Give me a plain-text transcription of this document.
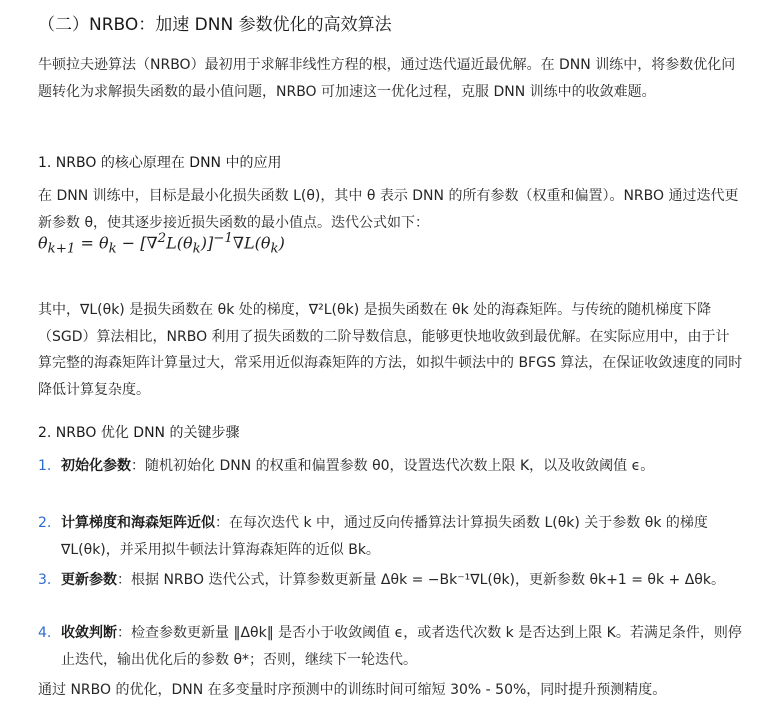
（二）NRBO：加速 DNN 参数优化的高效算法
牛顿拉夫逊算法（NRBO）最初用于求解非线性方程的根，通过迭代逼近最优解。在 DNN 训练中，将参数优化问题转化为求解损失函数的最小值问题，NRBO 可加速这一优化过程，克服 DNN 训练中的收敛难题。
1. NRBO 的核心原理在 DNN 中的应用
在 DNN 训练中，目标是最小化损失函数 L(θ)，其中 θ 表示 DNN 的所有参数（权重和偏置）。NRBO 通过迭代更新参数 θ，使其逐步接近损失函数的最小值点。迭代公式如下：
$\theta_{k+1} = \theta_k - [\nabla^2L(\theta_k)]^{-1}\nabla L(\theta_k)$
其中，∇L(θk) 是损失函数在 θk 处的梯度，∇²L(θk) 是损失函数在 θk 处的海森矩阵。与传统的随机梯度下降（SGD）算法相比，NRBO 利用了损失函数的二阶导数信息，能够更快地收敛到最优解。在实际应用中，由于计算完整的海森矩阵计算量过大，常采用近似海森矩阵的方法，如拟牛顿法中的 BFGS 算法，在保证收敛速度的同时降低计算复杂度。
2. NRBO 优化 DNN 的关键步骤
1. 初始化参数：随机初始化 DNN 的权重和偏置参数 θ0，设置迭代次数上限 K，以及收敛阈值 ϵ。
2. 计算梯度和海森矩阵近似：在每次迭代 k 中，通过反向传播算法计算损失函数 L(θk) 关于参数 θk 的梯度 ∇L(θk)，并采用拟牛顿法计算海森矩阵的近似 Bk。
3. 更新参数：根据 NRBO 迭代公式，计算参数更新量 Δθk = −Bk⁻¹∇L(θk)，更新参数 θk+1 = θk + Δθk。
4. 收敛判断：检查参数更新量 ‖Δθk‖ 是否小于收敛阈值 ϵ，或者迭代次数 k 是否达到上限 K。若满足条件，则停止迭代，输出优化后的参数 θ*；否则，继续下一轮迭代。
通过 NRBO 的优化，DNN 在多变量时序预测中的训练时间可缩短 30% - 50%，同时提升预测精度。
